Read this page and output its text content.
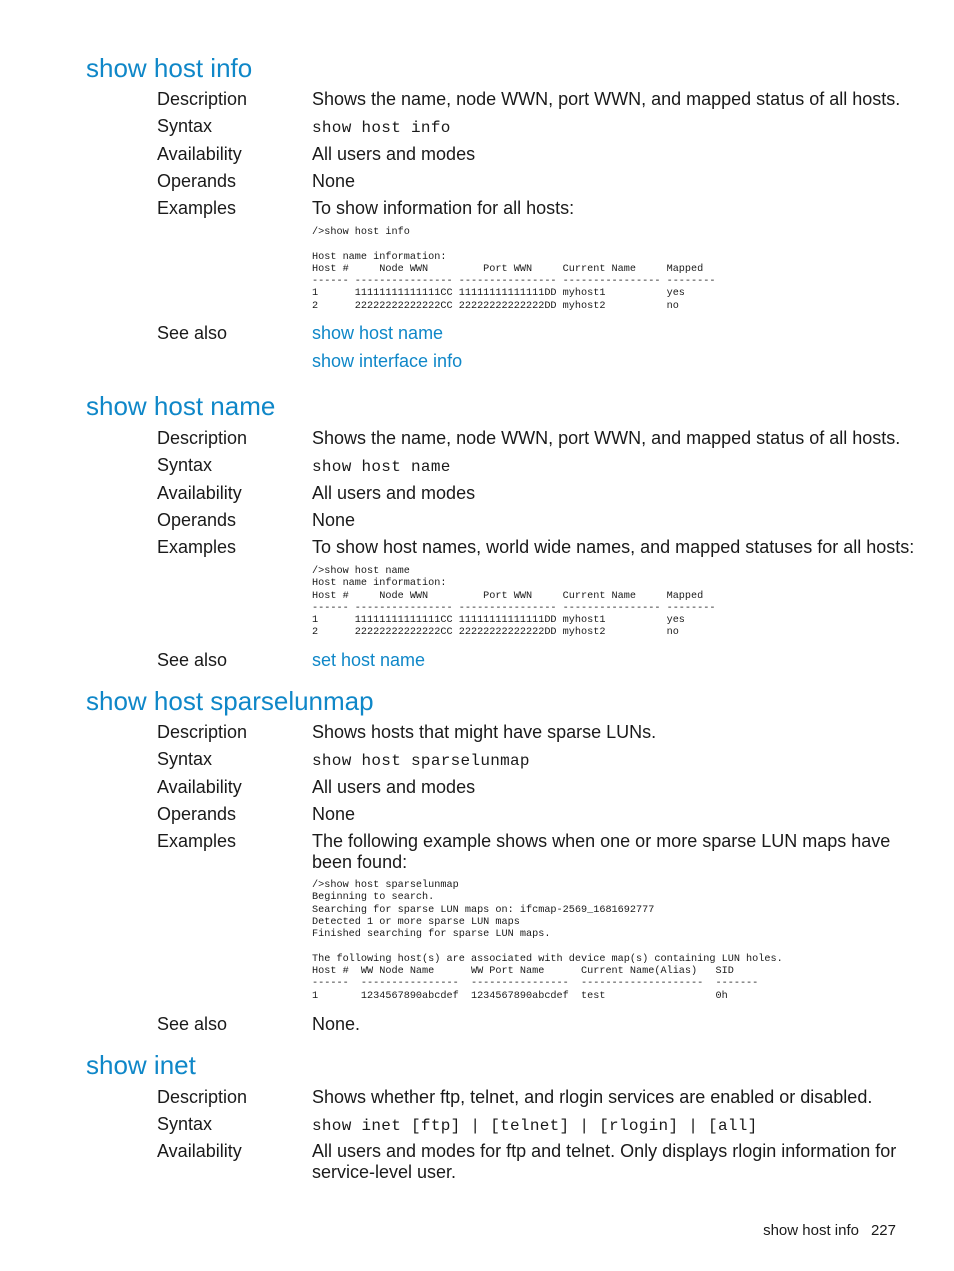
show host info
Description	Shows the name, node WWN, port WWN, and mapped status of all hosts.
Syntax	show host info
Availability	All users and modes
Operands	None
Examples	To show information for all hosts:
/>show host info

Host name information:
Host #     Node WWN         Port WWN     Current Name     Mapped
------ ---------------- ---------------- ---------------- --------
1      11111111111111CC 11111111111111DD myhost1          yes
2      22222222222222CC 22222222222222DD myhost2          no
See also	show host name
show interface info
show host name
Description	Shows the name, node WWN, port WWN, and mapped status of all hosts.
Syntax	show host name
Availability	All users and modes
Operands	None
Examples	To show host names, world wide names, and mapped statuses for all hosts:
/>show host name
Host name information:
Host #     Node WWN         Port WWN     Current Name     Mapped
------ ---------------- ---------------- ---------------- --------
1      11111111111111CC 11111111111111DD myhost1          yes
2      22222222222222CC 22222222222222DD myhost2          no
See also	set host name
show host sparselunmap
Description	Shows hosts that might have sparse LUNs.
Syntax	show host sparselunmap
Availability	All users and modes
Operands	None
Examples	The following example shows when one or more sparse LUN maps have been found:
/>show host sparselunmap
Beginning to search.
Searching for sparse LUN maps on: ifcmap-2569_1681692777
Detected 1 or more sparse LUN maps
Finished searching for sparse LUN maps.

The following host(s) are associated with device map(s) containing LUN holes.
Host #  WW Node Name      WW Port Name      Current Name(Alias)   SID
------  ----------------  ----------------  --------------------  -------
1       1234567890abcdef  1234567890abcdef  test                  0h
See also	None.
show inet
Description	Shows whether ftp, telnet, and rlogin services are enabled or disabled.
Syntax	show inet [ftp] | [telnet] | [rlogin] | [all]
Availability	All users and modes for ftp and telnet. Only displays rlogin information for service-level user.
show host info 227
